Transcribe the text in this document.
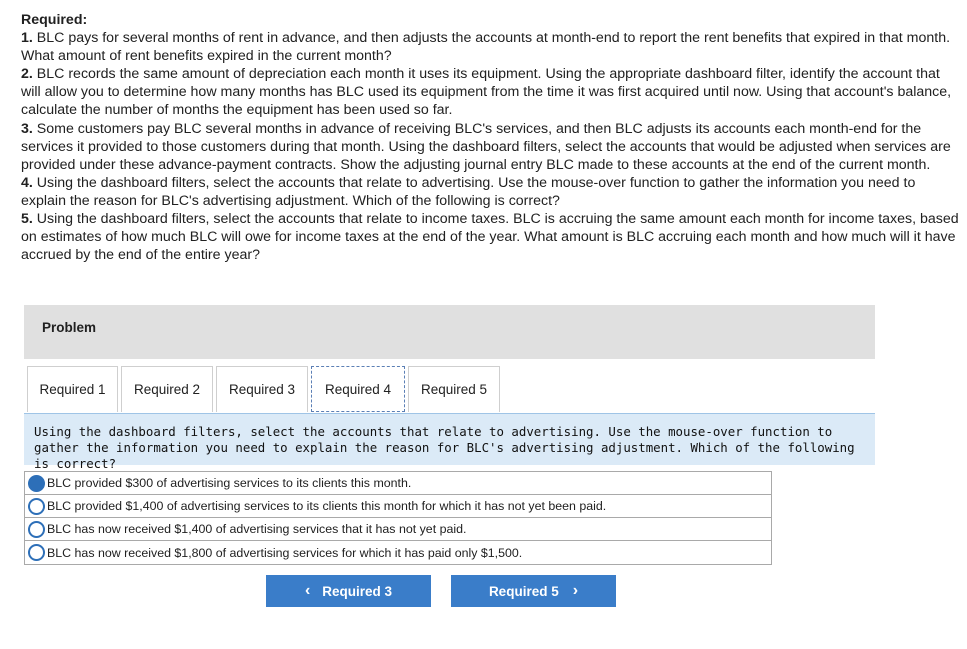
Required:

1. BLC pays for several months of rent in advance, and then adjusts the accounts at month-end to report the rent benefits that expired in that month. What amount of rent benefits expired in the current month?

2. BLC records the same amount of depreciation each month it uses its equipment. Using the appropriate dashboard filter, identify the account that will allow you to determine how many months has BLC used its equipment from the time it was first acquired until now. Using that account's balance, calculate the number of months the equipment has been used so far.

3. Some customers pay BLC several months in advance of receiving BLC's services, and then BLC adjusts its accounts each month-end for the services it provided to those customers during that month. Using the dashboard filters, select the accounts that would be adjusted when services are provided under these advance-payment contracts. Show the adjusting journal entry BLC made to these accounts at the end of the current month.

4. Using the dashboard filters, select the accounts that relate to advertising. Use the mouse-over function to gather the information you need to explain the reason for BLC's advertising adjustment. Which of the following is correct?

5. Using the dashboard filters, select the accounts that relate to income taxes. BLC is accruing the same amount each month for income taxes, based on estimates of how much BLC will owe for income taxes at the end of the year. What amount is BLC accruing each month and how much will it have accrued by the end of the entire year?

Problem
Required 1	Required 2	Required 3	Required 4	Required 5
Using the dashboard filters, select the accounts that relate to advertising. Use the mouse-over function to gather the information you need to explain the reason for BLC's advertising adjustment. Which of the following is correct?
BLC provided $300 of advertising services to its clients this month.
BLC provided $1,400 of advertising services to its clients this month for which it has not yet been paid.
BLC has now received $1,400 of advertising services that it has not yet paid.
BLC has now received $1,800 of advertising services for which it has paid only $1,500.
‹ Required 3	Required 5 ›
